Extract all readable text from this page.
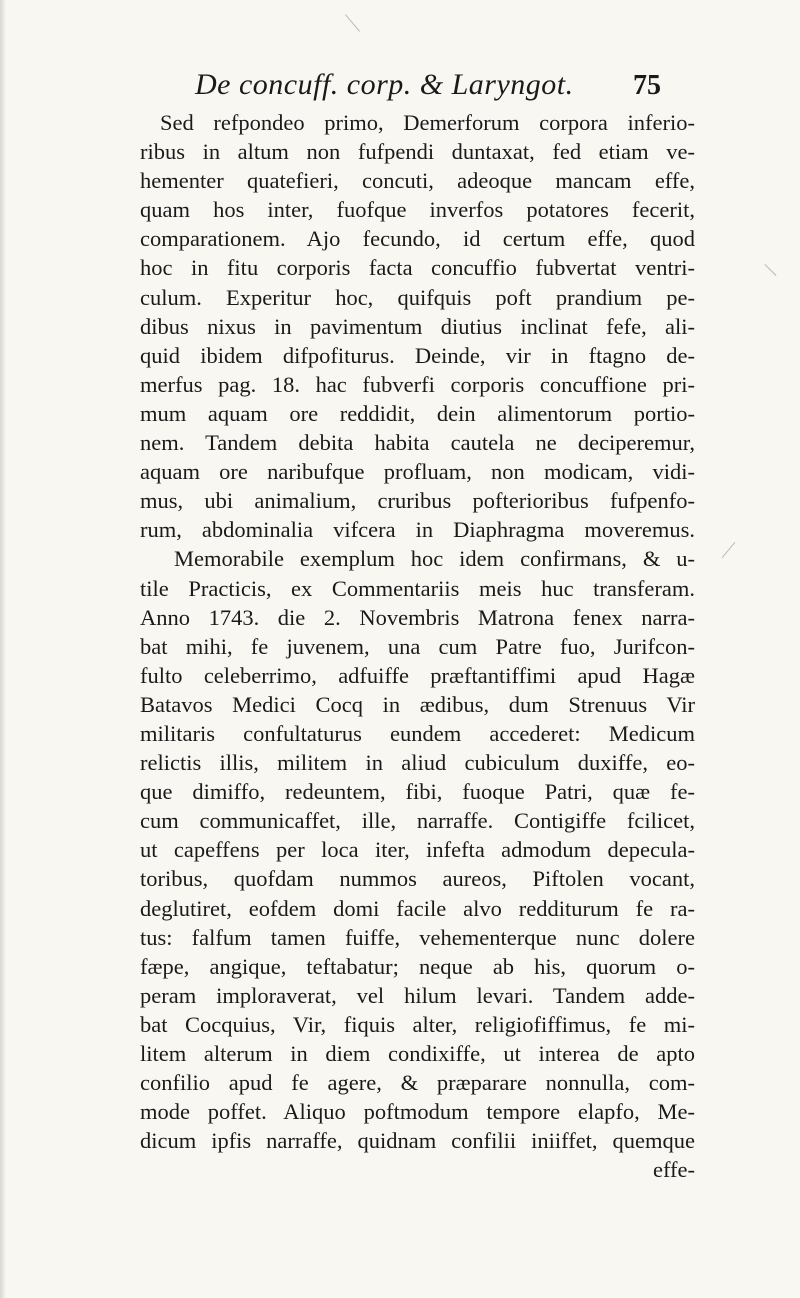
De concuff. corp. & Laryngot. 75
Sed refpondeo primo, Demerforum corpora inferio-
ribus in altum non fufpendi duntaxat, fed etiam ve-
hementer quatefieri, concuti, adeoque mancam effe,
quam hos inter, fuofque inverfos potatores fecerit,
comparationem. Ajo fecundo, id certum effe, quod
hoc in fitu corporis facta concuffio fubvertat ventri-
culum. Experitur hoc, quifquis poft prandium pe-
dibus nixus in pavimentum diutius inclinat fefe, ali-
quid ibidem difpofiturus. Deinde, vir in ftagno de-
merfus pag. 18. hac fubverfi corporis concuffione pri-
mum aquam ore reddidit, dein alimentorum portio-
nem. Tandem debita habita cautela ne deciperemur,
aquam ore naribufque profluam, non modicam, vidi-
mus, ubi animalium, cruribus pofterioribus fufpenfo-
rum, abdominalia vifcera in Diaphragma moveremus.
Memorabile exemplum hoc idem confirmans, & u-
tile Practicis, ex Commentariis meis huc transferam.
Anno 1743. die 2. Novembris Matrona fenex narra-
bat mihi, fe juvenem, una cum Patre fuo, Jurifcon-
fulto celeberrimo, adfuiffe præftantiffimi apud Hagæ
Batavos Medici Cocq in ædibus, dum Strenuus Vir
militaris confultaturus eundem accederet: Medicum
relictis illis, militem in aliud cubiculum duxiffe, eo-
que dimiffo, redeuntem, fibi, fuoque Patri, quæ fe-
cum communicaffet, ille, narraffe. Contigiffe fcilicet,
ut capeffens per loca iter, infefta admodum depecula-
toribus, quofdam nummos aureos, Piftolen vocant,
deglutiret, eofdem domi facile alvo redditurum fe ra-
tus: falfum tamen fuiffe, vehementerque nunc dolere
fæpe, angique, teftabatur; neque ab his, quorum o-
peram imploraverat, vel hilum levari. Tandem adde-
bat Cocquius, Vir, fiquis alter, religiofiffimus, fe mi-
litem alterum in diem condixiffe, ut interea de apto
confilio apud fe agere, & præparare nonnulla, com-
mode poffet. Aliquo poftmodum tempore elapfo, Me-
dicum ipfis narraffe, quidnam confilii iniiffet, quemque
effe-
